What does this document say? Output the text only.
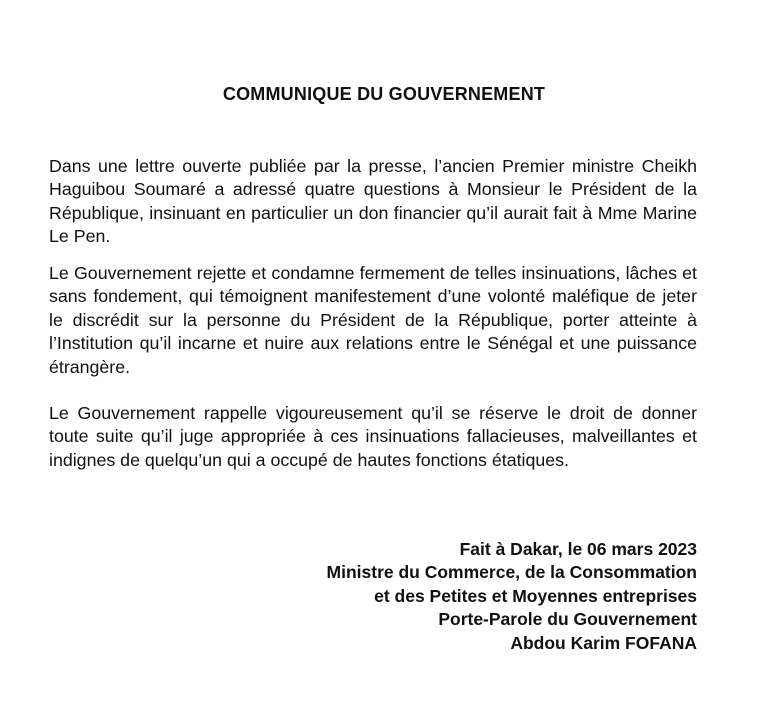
COMMUNIQUE DU GOUVERNEMENT

Dans une lettre ouverte publiée par la presse, l’ancien Premier ministre Cheikh Haguibou Soumaré a adressé quatre questions à Monsieur le Président de la République, insinuant en particulier un don financier qu’il aurait fait à Mme Marine Le Pen.

Le Gouvernement rejette et condamne fermement de telles insinuations, lâches et sans fondement, qui témoignent manifestement d’une volonté maléfique de jeter le discrédit sur la personne du Président de la République, porter atteinte à l’Institution qu’il incarne et nuire aux relations entre le Sénégal et une puissance étrangère.

Le Gouvernement rappelle vigoureusement qu’il se réserve le droit de donner toute suite qu’il juge appropriée à ces insinuations fallacieuses, malveillantes et indignes de quelqu’un qui a occupé de hautes fonctions étatiques.

Fait à Dakar, le 06 mars 2023
Ministre du Commerce, de la Consommation
et des Petites et Moyennes entreprises
Porte-Parole du Gouvernement
Abdou Karim FOFANA
